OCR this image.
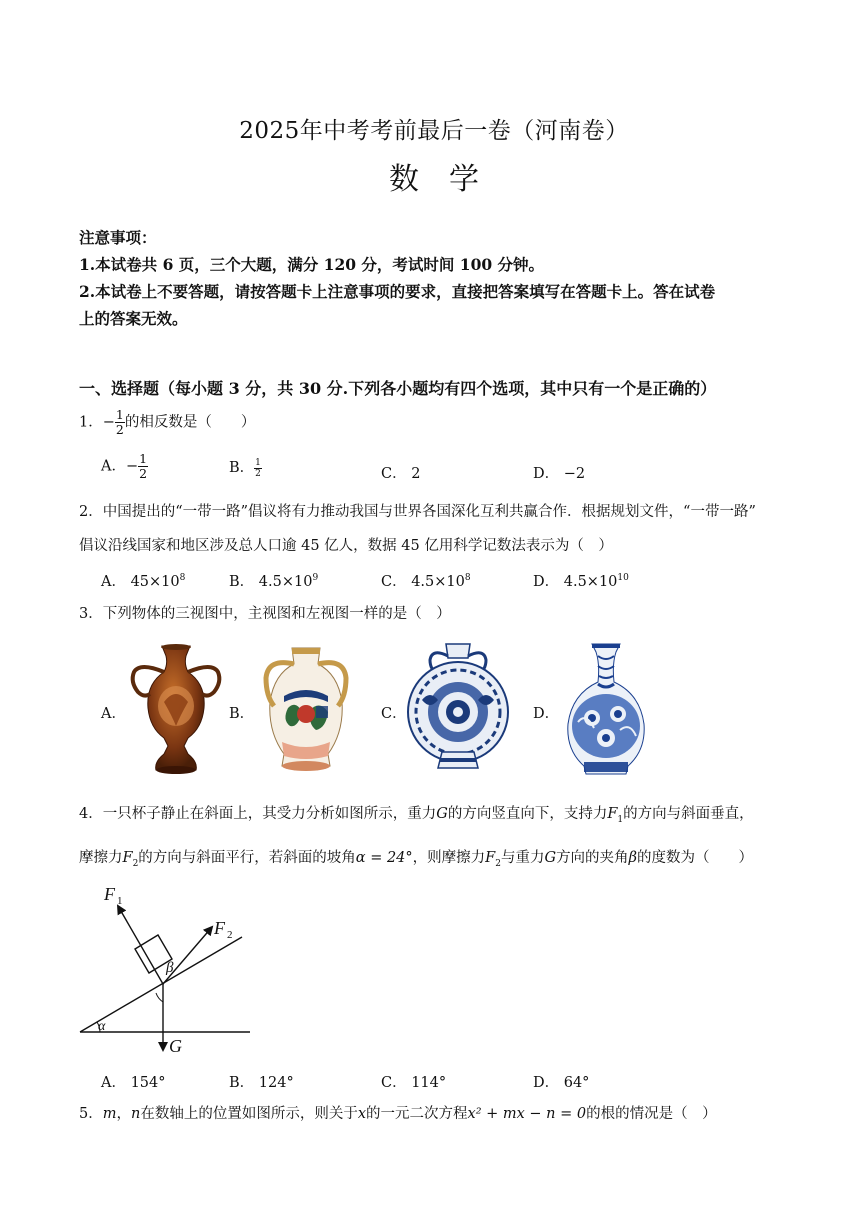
2025年中考考前最后一卷（河南卷）
数学
注意事项：
1.本试卷共 6 页，三个大题，满分 120 分，考试时间 100 分钟。
2.本试卷上不要答题，请按答题卡上注意事项的要求，直接把答案填写在答题卡上。答在试卷
上的答案无效。
一、选择题（每小题 3 分，共 30 分.下列各小题均有四个选项，其中只有一个是正确的）
1．− $\frac{1}{2}$ 的相反数是（　　）
A．− $\frac{1}{2}$	B． $\frac{1}{2}$	C． 2	D． −2
2．中国提出的“一带一路”倡议将有力推动我国与世界各国深化互利共赢合作．根据规划文件，“一带一路”
倡议沿线国家和地区涉及总人口逾 45 亿人，数据 45 亿用科学记数法表示为（　）
A． $45\times 10^8$	B． $4.5\times 10^9$	C． $4.5\times 10^8$	D． $4.5\times 10^{10}$
3．下列物体的三视图中，主视图和左视图一样的是（　）
A．	B．	C．	D．
4．一只杯子静止在斜面上，其受力分析如图所示，重力G的方向竖直向下，支持力$F_1$的方向与斜面垂直，
摩擦力$F_2$的方向与斜面平行，若斜面的坡角α = 24°，则摩擦力$F_2$与重力G方向的夹角β的度数为（　　）
F 1
F 2
β
α
G
A． 154°	B． 124°	C． 114°	D． 64°
5．m，n在数轴上的位置如图所示，则关于x的一元二次方程x² + mx − n = 0的根的情况是（　）
